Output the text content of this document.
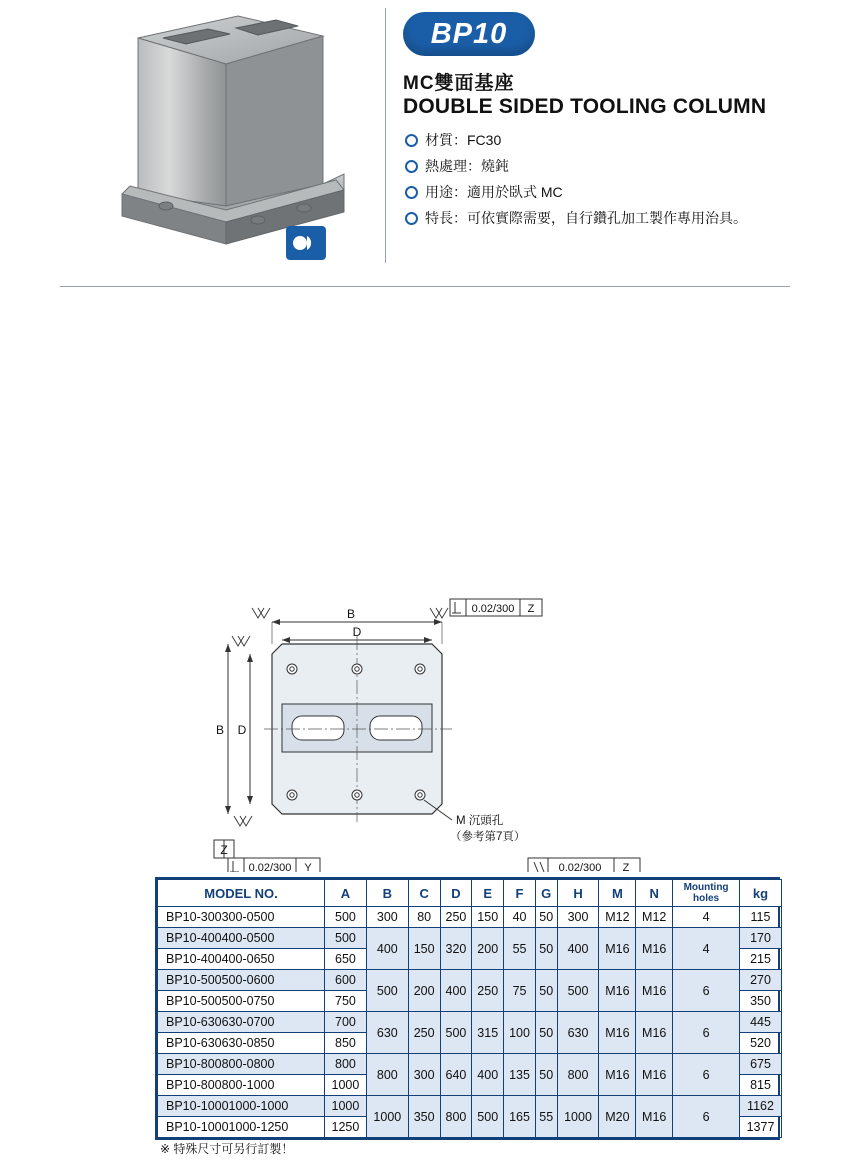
BP10
MC雙面基座
DOUBLE SIDED TOOLING COLUMN
材質：FC30
熱處理：燒鈍
用途：適用於臥式 MC
特長：可依實際需要，自行鑽孔加工製作專用治具。
B
D
B D
0.02/300 Z
Z
0.02/300 Y
M 沉頭孔
（參考第7頁）
0.02/300 Z
MODEL NO.	A	B	C	D	E	F	G	H	M	N	Mounting
holes	kg
BP10-300300-0500	500	300	80	250	150	40	50	300	M12	M12	4	115
BP10-400400-0500	500	400	150	320	200	55	50	400	M16	M16	4	170
BP10-400400-0650	650											215
BP10-500500-0600	600	500	200	400	250	75	50	500	M16	M16	6	270
BP10-500500-0750	750											350
BP10-630630-0700	700	630	250	500	315	100	50	630	M16	M16	6	445
BP10-630630-0850	850											520
BP10-800800-0800	800	800	300	640	400	135	50	800	M16	M16	6	675
BP10-800800-1000	1000											815
BP10-10001000-1000	1000	1000	350	800	500	165	55	1000	M20	M16	6	1162
BP10-10001000-1250	1250											1377
※ 特殊尺寸可另行訂製！
